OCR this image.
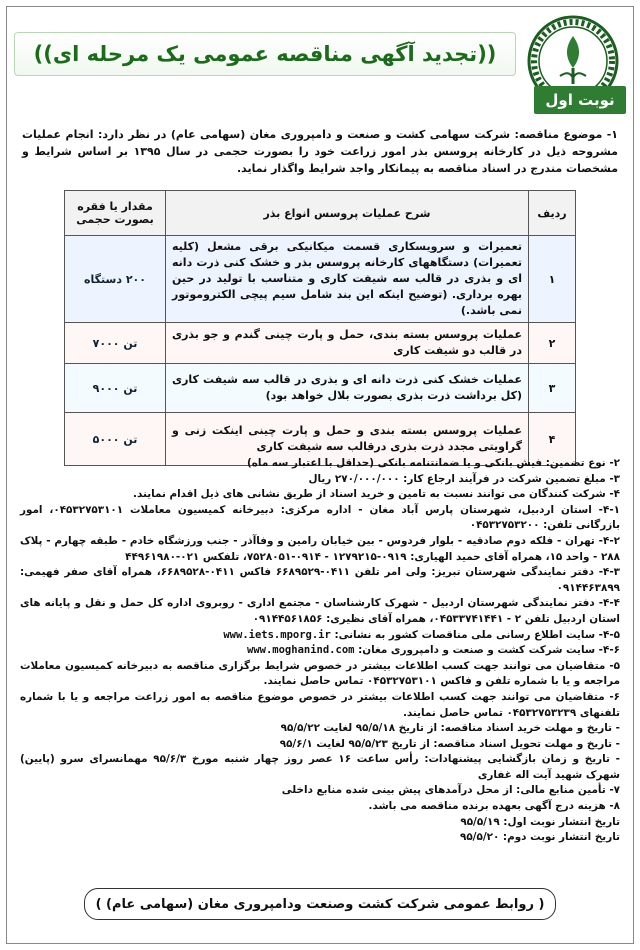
((تجدید آگهی مناقصه عمومی یک مرحله ای))
نوبت اول
۱- موضوع مناقصه: شرکت سهامی کشت و صنعت و دامپروری مغان (سهامی عام) در نظر دارد: انجام عملیات مشروحه ذیل در کارخانه پروسس بذر امور زراعت خود را بصورت حجمی در سال ۱۳۹۵ بر اساس شرایط و مشخصات مندرج در اسناد مناقصه به پیمانکار واجد شرایط واگذار نماید.

ردیف	شرح عملیات پروسس انواع بذر	مقدار یا فقره بصورت حجمی
۱	تعمیرات و سرویسکاری قسمت میکانیکی برقی مشعل (کلیه تعمیرات) دستگاههای کارخانه پروسس بذر و خشک کنی ذرت دانه ای و بذری در قالب سه شیفت کاری و متناسب با تولید در حین بهره برداری. (توضیح اینکه این بند شامل سیم پیچی الکتروموتور نمی باشد.)	۲۰۰ دستگاه
۲	عملیات پروسس بسته بندی، حمل و پارت چینی گندم و جو بذری در قالب دو شیفت کاری	تن ۷۰۰۰
۳	عملیات خشک کنی ذرت دانه ای و بذری در قالب سه شیفت کاری (کل برداشت ذرت بذری بصورت بلال خواهد بود)	تن ۹۰۰۰
۴	عملیات پروسس بسته بندی و حمل و پارت چینی اینکت زنی و گراویتی مجدد ذرت بذری درقالب سه شیفت کاری	تن ۵۰۰۰

۲- نوع تضمین: فیش بانکی و یا ضمانتنامه بانکی (حداقل با اعتبار سه ماه)

۳- مبلغ تضمین شرکت در فرآیند ارجاع کار: ۲۷۰/۰۰۰/۰۰۰ ریال

۴- شرکت کنندگان می توانند نسبت به تامین و خرید اسناد از طریق نشانی های ذیل اقدام نمایند.

۴-۱- استان اردبیل، شهرستان پارس آباد مغان - اداره مرکزی: دبیرخانه کمیسیون معاملات ۰۴۵۳۲۷۵۳۱۰۱، امور بازرگانی تلفن: ۰۴۵۳۲۷۵۳۲۰۰

۴-۲- تهران - فلکه دوم صادقیه - بلوار فردوس - بین خیابان رامین و وفاآذر - جنب ورزشگاه خادم - طبقه چهارم - پلاک ۲۸۸ - واحد ۱۵، همراه آقای حمید الهیاری: ۰۹۱۹-۱۲۷۹۲۱۵ - ۰۹۱۴-۷۵۲۸۰۵۱، تلفکس ۰۲۱-۴۴۹۶۱۹۸۰

۴-۳- دفتر نمایندگی شهرستان تبریز: ولی امر تلفن ۰۴۱۱-۶۶۸۹۵۲۹ فاکس ۰۴۱۱-۶۶۸۹۵۲۸، همراه آقای صفر فهیمی: ۰۹۱۴۴۶۳۸۹۹

۴-۴- دفتر نمایندگی شهرستان اردبیل - شهرک کارشناسان - مجتمع اداری - روبروی اداره کل حمل و نقل و پایانه های استان اردبیل تلفن ۲ - ۰۴۵۳۳۷۴۱۴۴۱، همراه آقای نظیری: ۰۹۱۴۴۵۶۱۸۵۶

۴-۵- سایت اطلاع رسانی ملی مناقصات کشور به نشانی: www.iets.mporg.ir

۴-۶- سایت شرکت کشت و صنعت و دامپروری مغان: www.moghanind.com

۵- متقاضیان می توانند جهت کسب اطلاعات بیشتر در خصوص شرایط برگزاری مناقصه به دبیرخانه کمیسیون معاملات مراجعه و یا با شماره تلفن و فاکس ۰۴۵۳۲۷۵۳۱۰۱ تماس حاصل نمایند.

۶- متقاضیان می توانند جهت کسب اطلاعات بیشتر در خصوص موضوع مناقصه به امور زراعت مراجعه و یا با شماره تلفنهای ۰۴۵۳۲۷۵۳۲۳۹ تماس حاصل نمایند.

- تاریخ و مهلت خرید اسناد مناقصه: از تاریخ ۹۵/۵/۱۸ لغایت ۹۵/۵/۲۲

- تاریخ و مهلت تحویل اسناد مناقصه: از تاریخ ۹۵/۵/۲۳ لغایت ۹۵/۶/۱

- تاریخ و زمان بازگشایی پیشنهادات: رأس ساعت ۱۶ عصر روز چهار شنبه مورخ ۹۵/۶/۳ مهمانسرای سرو (پایین) شهرک شهید آیت اله غفاری

۷- تأمین منابع مالی: از محل درآمدهای پیش بینی شده منابع داخلی

۸- هزینه درج آگهی بعهده برنده مناقصه می باشد.

تاریخ انتشار نوبت اول: ۹۵/۵/۱۹

تاریخ انتشار نوبت دوم: ۹۵/۵/۲۰

( روابط عمومی شرکت کشت وصنعت ودامپروری مغان (سهامی عام) )
